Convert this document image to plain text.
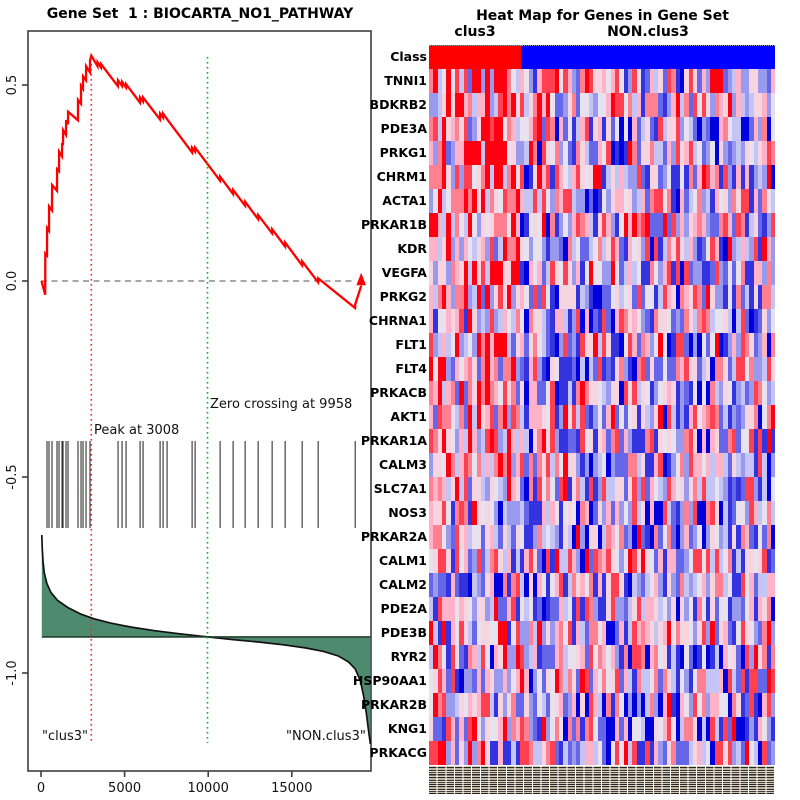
0	5000	10000	15000
0.5
0.0
-0.5
-1.0
Gene Set  1 : BIOCARTA_NO1_PATHWAY
Peak at 3008
Zero crossing at 9958
"clus3"	"NON.clus3"
Heat Map for Genes in Gene Set
clus3	NON.clus3
Class
TNNI1
BDKRB2
PDE3A
PRKG1
CHRM1
ACTA1
PRKAR1B
KDR
VEGFA
PRKG2
CHRNA1
FLT1
FLT4
PRKACB
AKT1
PRKAR1A
CALM3
SLC7A1
NOS3
PRKAR2A
CALM1
CALM2
PDE2A
PDE3B
RYR2
HSP90AA1
PRKAR2B
KNG1
PRKACG
